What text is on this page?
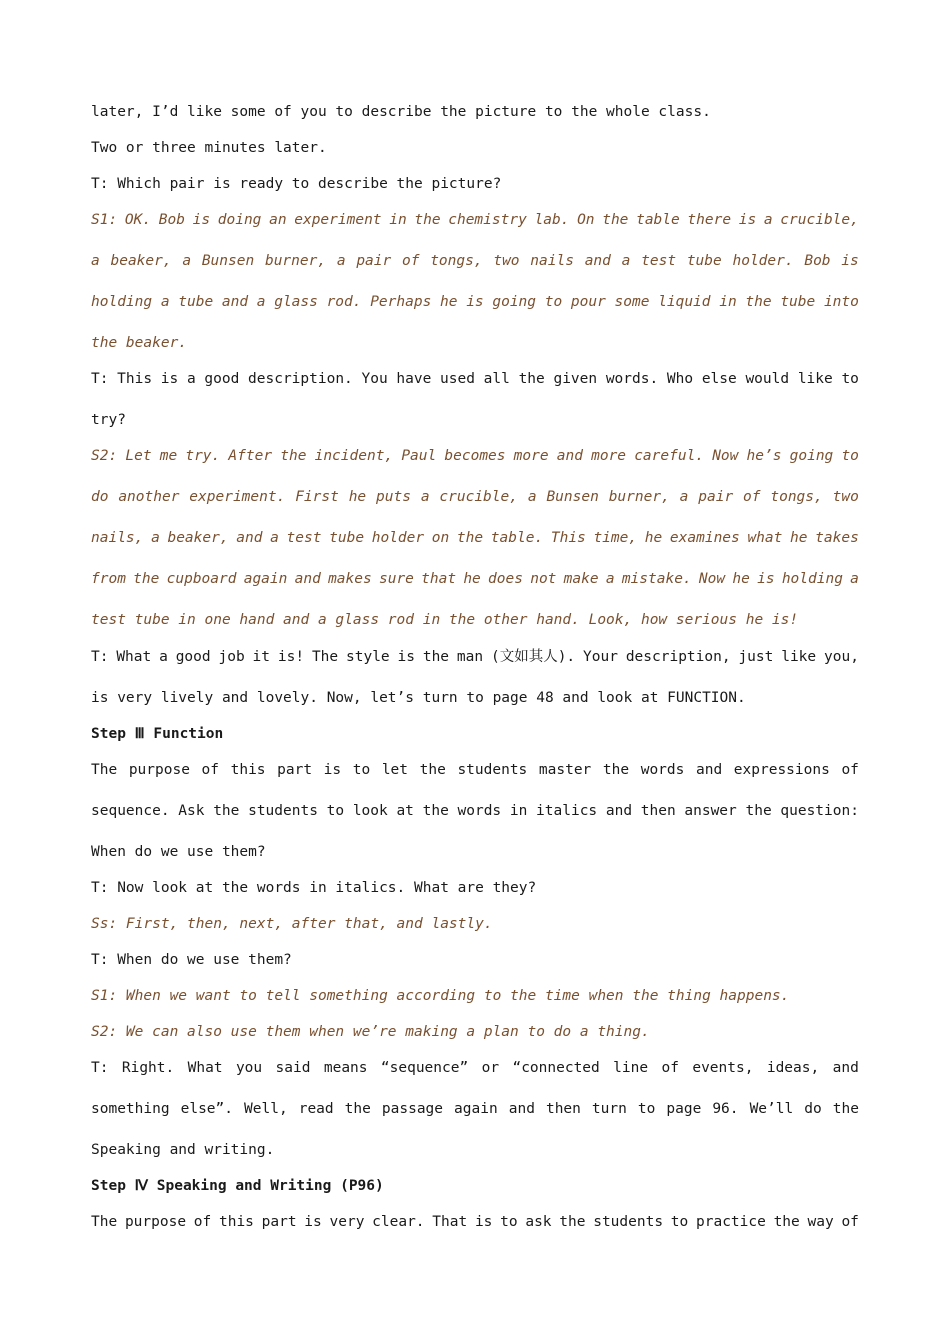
later, I’d like some of you to describe the picture to the whole class.
Two or three minutes later.
T: Which pair is ready to describe the picture?
S1: OK. Bob is doing an experiment in the chemistry lab. On the table there is a crucible,
a beaker, a Bunsen burner, a pair of tongs, two nails and a test tube holder. Bob is
holding a tube and a glass rod. Perhaps he is going to pour some liquid in the tube into
the beaker.
T: This is a good description. You have used all the given words. Who else would like to
try?
S2: Let me try. After the incident, Paul becomes more and more careful. Now he’s going to
do another experiment. First he puts a crucible, a Bunsen burner, a pair of tongs, two
nails, a beaker, and a test tube holder on the table. This time, he examines what he takes
from the cupboard again and makes sure that he does not make a mistake. Now he is holding a
test tube in one hand and a glass rod in the other hand. Look, how serious he is!
T: What a good job it is! The style is the man (文如其人). Your description, just like you,
is very lively and lovely. Now, let’s turn to page 48 and look at FUNCTION.
Step Ⅲ Function
The purpose of this part is to let the students master the words and expressions of
sequence. Ask the students to look at the words in italics and then answer the question:
When do we use them?
T: Now look at the words in italics. What are they?
Ss: First, then, next, after that, and lastly.
T: When do we use them?
S1: When we want to tell something according to the time when the thing happens.
S2: We can also use them when we’re making a plan to do a thing.
T: Right. What you said means “sequence” or “connected line of events, ideas, and
something else”. Well, read the passage again and then turn to page 96. We’ll do the
Speaking and writing.
Step Ⅳ Speaking and Writing (P96)
The purpose of this part is very clear. That is to ask the students to practice the way of
